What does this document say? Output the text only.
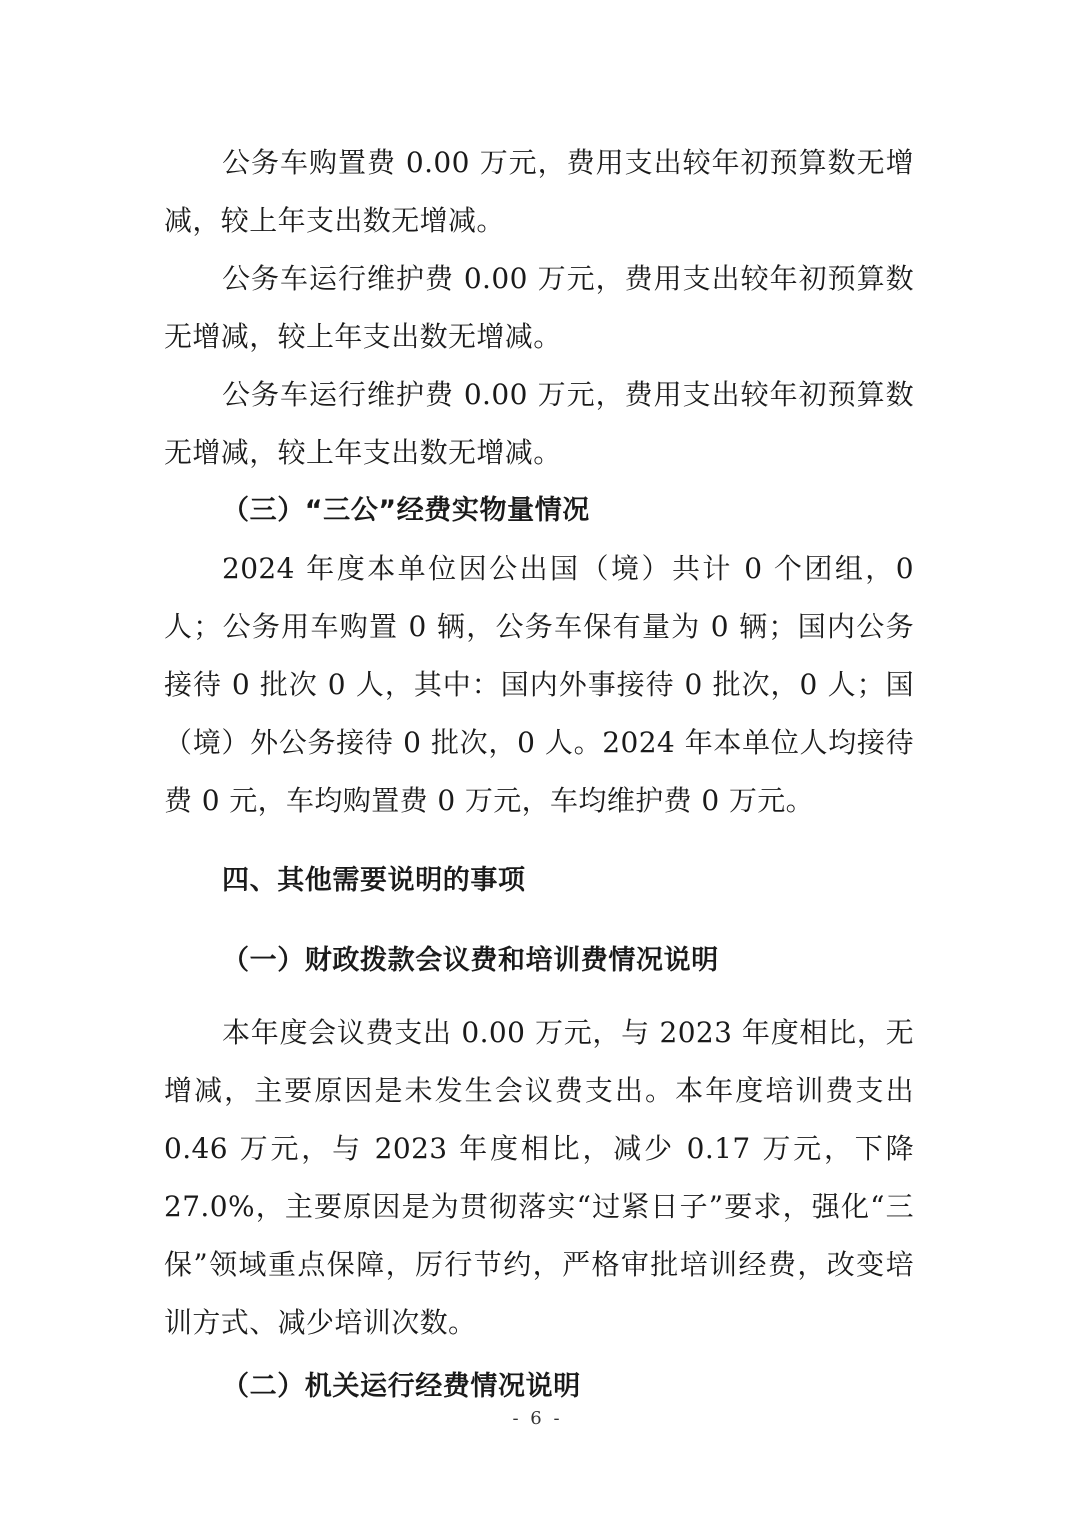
公务车购置费 0.00 万元，费用支出较年初预算数无增减，较上年支出数无增减。

公务车运行维护费 0.00 万元，费用支出较年初预算数无增减，较上年支出数无增减。

公务车运行维护费 0.00 万元，费用支出较年初预算数无增减，较上年支出数无增减。

（三）“三公”经费实物量情况

2024 年度本单位因公出国（境）共计 0 个团组，0 人；公务用车购置 0 辆，公务车保有量为 0 辆；国内公务接待 0 批次 0 人，其中：国内外事接待 0 批次，0 人；国（境）外公务接待 0 批次，0 人。2024 年本单位人均接待费 0 元，车均购置费 0 万元，车均维护费 0 万元。

四、其他需要说明的事项

（一）财政拨款会议费和培训费情况说明

本年度会议费支出 0.00 万元，与 2023 年度相比，无增减，主要原因是未发生会议费支出。本年度培训费支出 0.46 万元，与 2023 年度相比，减少 0.17 万元，下降 27.0%，主要原因是为贯彻落实“过紧日子”要求，强化“三保”领域重点保障，厉行节约，严格审批培训经费，改变培训方式、减少培训次数。

（二）机关运行经费情况说明

- 6 -
